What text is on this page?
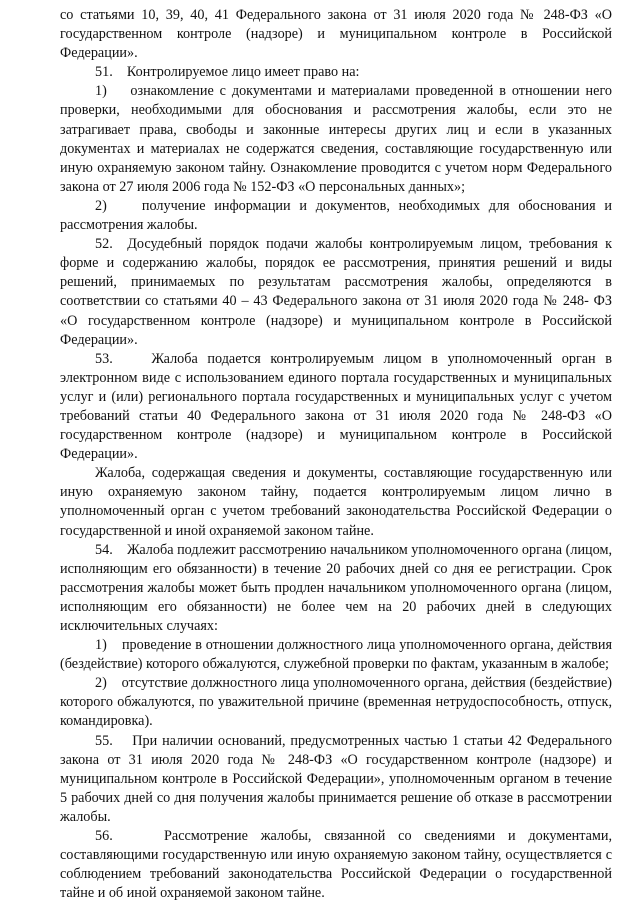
со статьями 10, 39, 40, 41 Федерального закона от 31 июля 2020 года № 248-ФЗ «О государственном контроле (надзоре) и муниципальном контроле в Российской Федерации».

51.    Контролируемое лицо имеет право на:

1)    ознакомление с документами и материалами проведенной в отношении него проверки, необходимыми для обоснования и рассмотрения жалобы, если это не затрагивает права, свободы и законные интересы других лиц и если в указанных документах и материалах не содержатся сведения, составляющие государственную или иную охраняемую законом тайну. Ознакомление проводится с учетом норм Федерального закона от 27 июля 2006 года № 152-ФЗ «О персональных данных»;

2)    получение информации и документов, необходимых для обоснования и рассмотрения жалобы.

52.  Досудебный порядок подачи жалобы контролируемым лицом, требования к форме и содержанию жалобы, порядок ее рассмотрения, принятия решений и виды решений, принимаемых по результатам рассмотрения жалобы, определяются в соответствии со статьями 40 – 43 Федерального закона от 31 июля 2020 года № 248- ФЗ «О государственном контроле (надзоре) и муниципальном контроле в Российской Федерации».

53.    Жалоба подается контролируемым лицом в уполномоченный орган в электронном виде с использованием единого портала государственных и муниципальных услуг и (или) регионального портала государственных и муниципальных услуг с учетом требований статьи 40 Федерального закона от 31 июля 2020 года № 248-ФЗ «О государственном контроле (надзоре) и муниципальном контроле в Российской Федерации».

Жалоба, содержащая сведения и документы, составляющие государственную или иную охраняемую законом тайну, подается контролируемым лицом лично в уполномоченный орган с учетом требований законодательства Российской Федерации о государственной и иной охраняемой законом тайне.

54.    Жалоба подлежит рассмотрению начальником уполномоченного органа (лицом, исполняющим его обязанности) в течение 20 рабочих дней со дня ее регистрации. Срок рассмотрения жалобы может быть продлен начальником уполномоченного органа (лицом, исполняющим его обязанности) не более чем на 20 рабочих дней в следующих исключительных случаях:

1)    проведение в отношении должностного лица уполномоченного органа, действия (бездействие) которого обжалуются, служебной проверки по фактам, указанным в жалобе;

2)    отсутствие должностного лица уполномоченного органа, действия (бездействие) которого обжалуются, по уважительной причине (временная нетрудоспособность, отпуск, командировка).

55.    При наличии оснований, предусмотренных частью 1 статьи 42 Федерального закона от 31 июля 2020 года № 248-ФЗ «О государственном контроле (надзоре) и муниципальном контроле в Российской Федерации», уполномоченным органом в течение 5 рабочих дней со дня получения жалобы принимается решение об отказе в рассмотрении жалобы.

56.    Рассмотрение жалобы, связанной со сведениями и документами, составляющими государственную или иную охраняемую законом тайну, осуществляется с соблюдением требований законодательства Российской Федерации о государственной тайне и об иной охраняемой законом тайне.
